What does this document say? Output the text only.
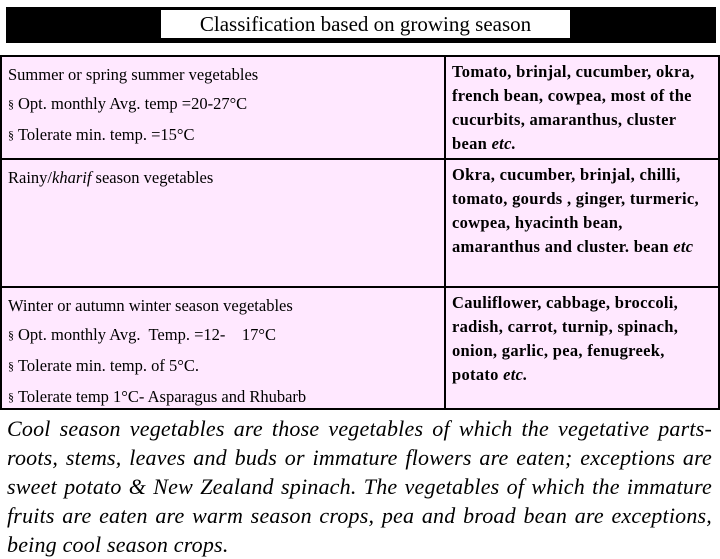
Classification based on growing season
Summer or spring summer vegetables
§ Opt. monthly Avg. temp =20-27°C
§ Tolerate min. temp. =15°C	Tomato, brinjal, cucumber, okra, french bean, cowpea, most of the cucurbits, amaranthus, cluster bean etc.

Rainy/kharif season vegetables	Okra, cucumber, brinjal, chilli, tomato, gourds , ginger, turmeric, cowpea, hyacinth bean, amaranthus and cluster. bean etc

Winter or autumn winter season vegetables
§ Opt. monthly Avg.  Temp. =12-    17°C
§ Tolerate min. temp. of 5°C.
§ Tolerate temp 1°C- Asparagus and Rhubarb	Cauliflower, cabbage, broccoli, radish, carrot, turnip, spinach, onion, garlic, pea, fenugreek, potato etc.
Cool season vegetables are those vegetables of which the vegetative parts- roots, stems, leaves and buds or immature flowers are eaten; exceptions are sweet potato & New Zealand spinach. The vegetables of which the immature fruits are eaten are warm season crops, pea and broad bean are exceptions, being cool season crops.
